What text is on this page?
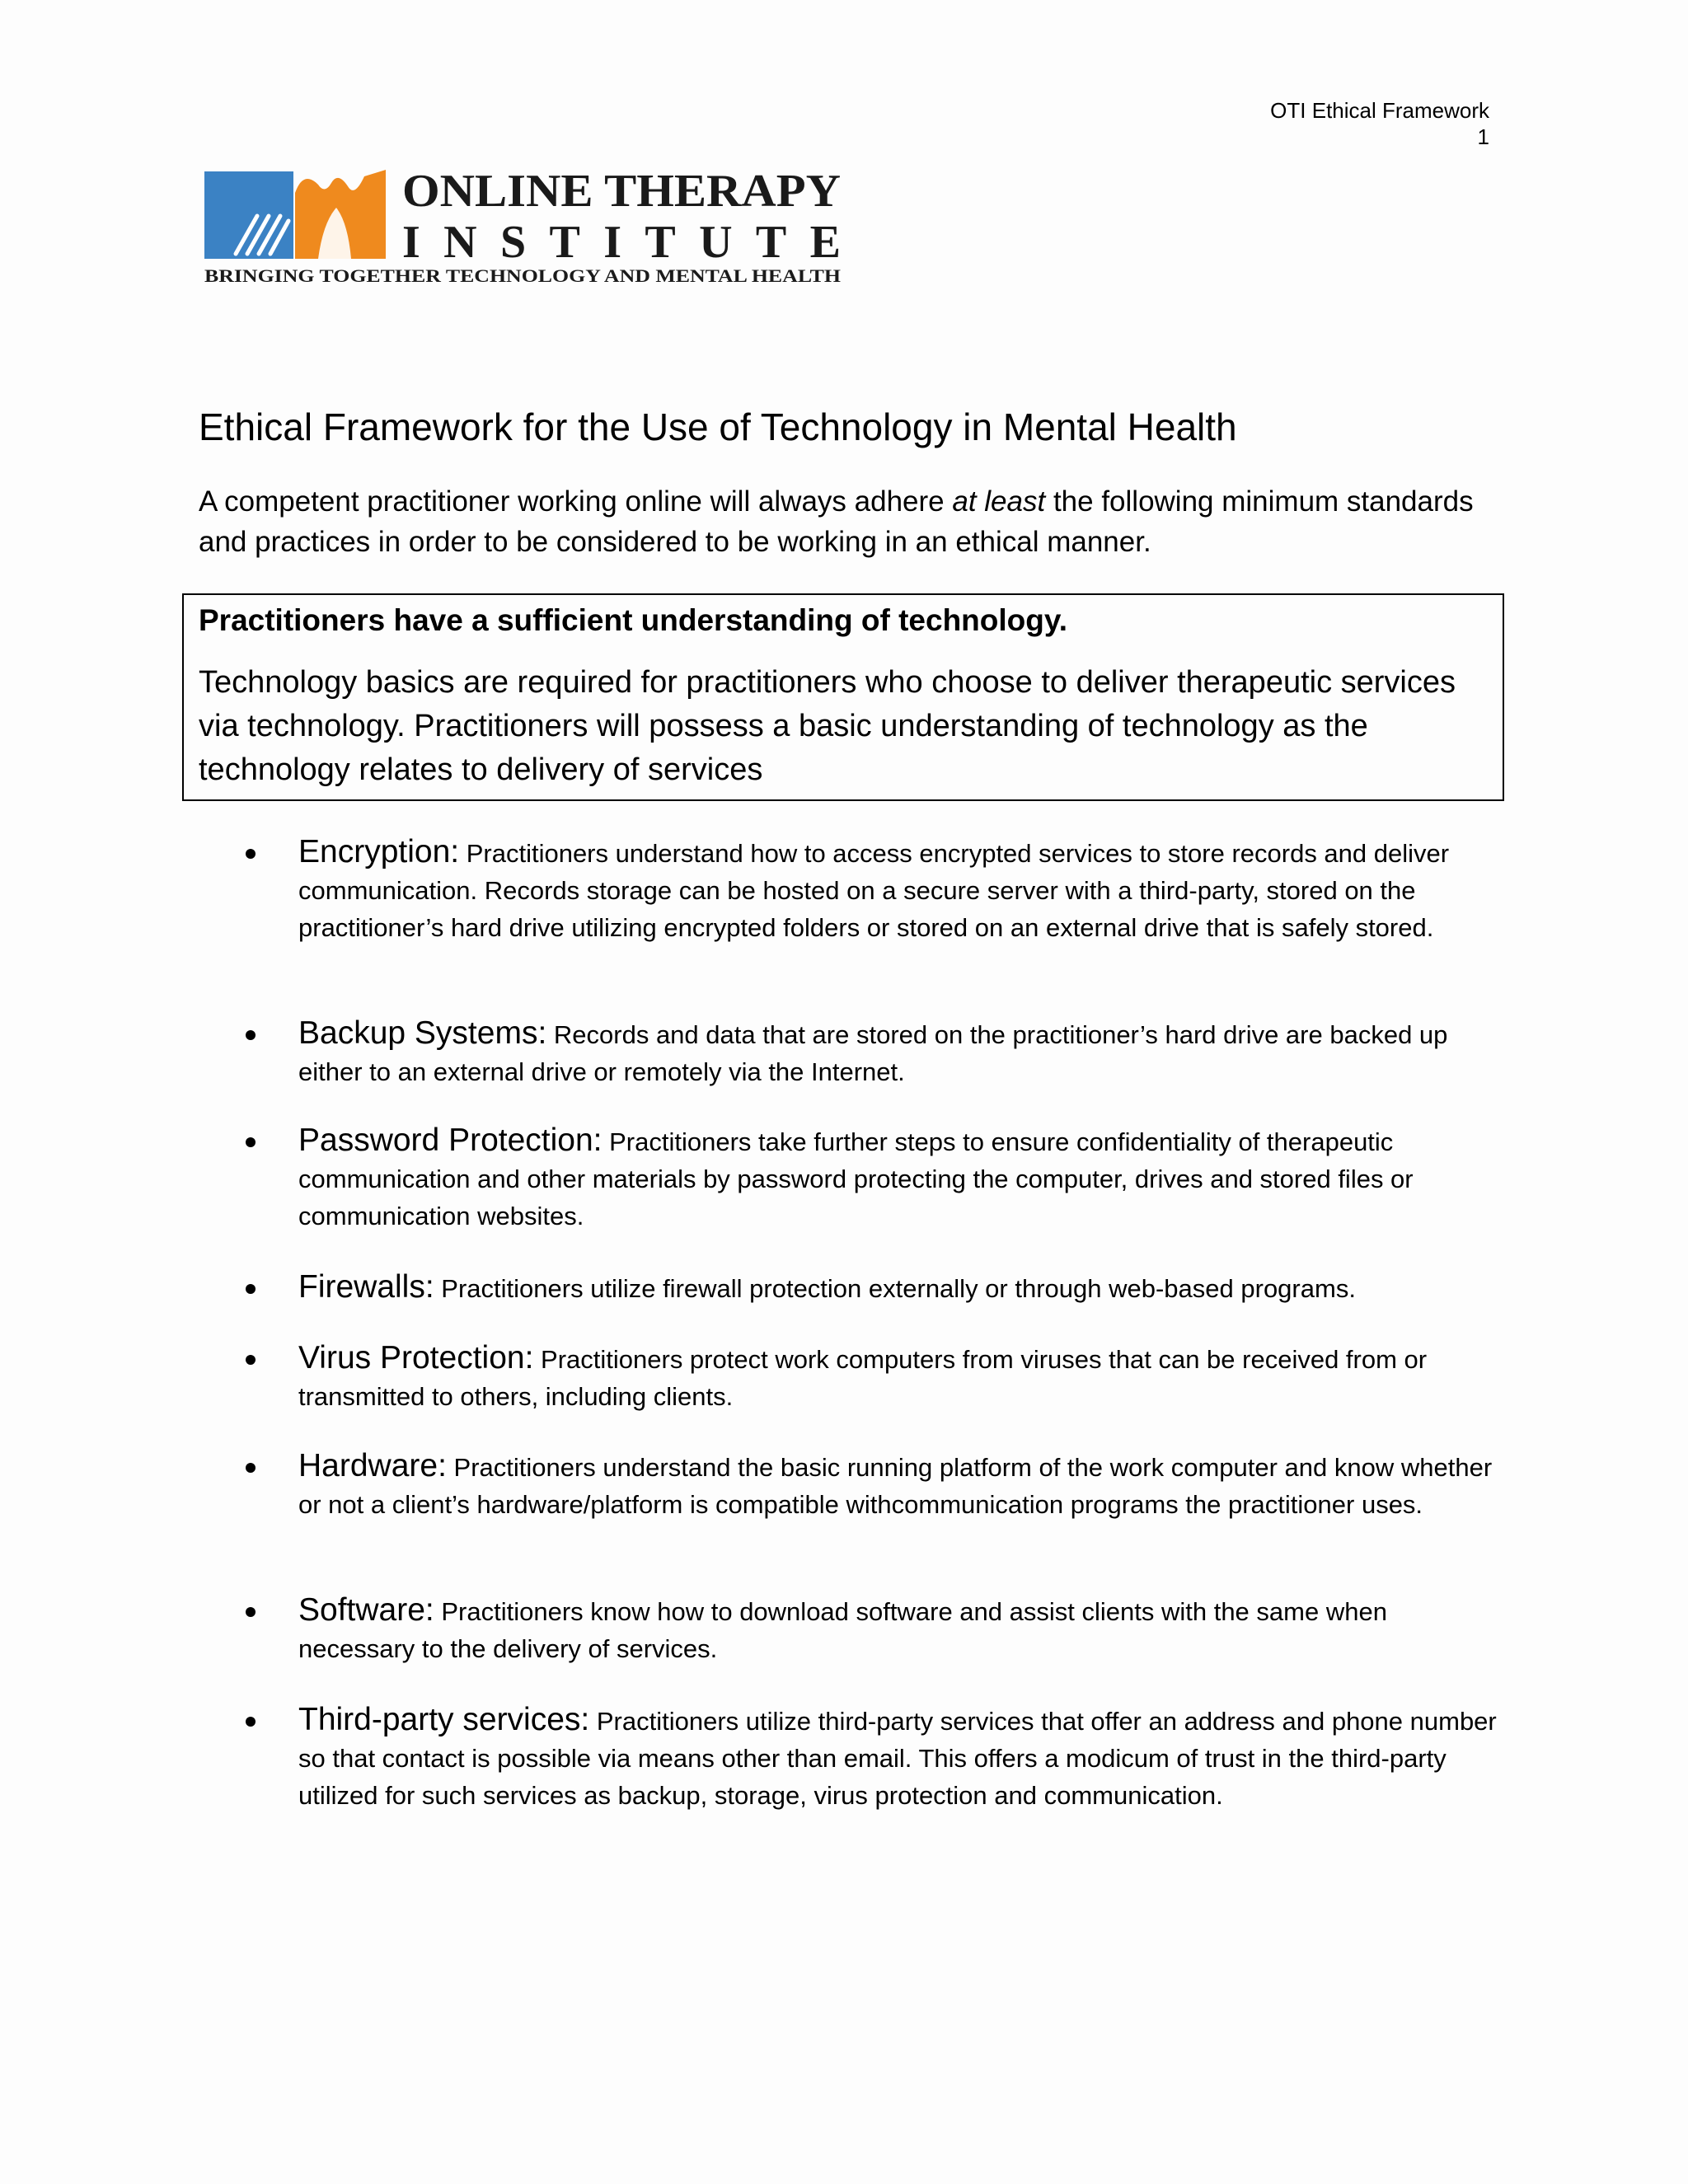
OTI Ethical Framework
1
ONLINE THERAPY
INSTITUTE
BRINGING TOGETHER TECHNOLOGY AND MENTAL HEALTH
Ethical Framework for the Use of Technology in Mental Health

A competent practitioner working online will always adhere at least the following minimum standards and practices in order to be considered to be working in an ethical manner.

Practitioners have a sufficient understanding of technology.

Technology basics are required for practitioners who choose to deliver therapeutic services via technology. Practitioners will possess a basic understanding of technology as the technology relates to delivery of services

Encryption: Practitioners understand how to access encrypted services to store records and deliver communication. Records storage can be hosted on a secure server with a third-party, stored on the practitioner’s hard drive utilizing encrypted folders or stored on an external drive that is safely stored.
Backup Systems: Records and data that are stored on the practitioner’s hard drive are backed up either to an external drive or remotely via the Internet.
Password Protection: Practitioners take further steps to ensure confidentiality of therapeutic communication and other materials by password protecting the computer, drives and stored files or communication websites.
Firewalls: Practitioners utilize firewall protection externally or through web-based programs.
Virus Protection: Practitioners protect work computers from viruses that can be received from or transmitted to others, including clients.
Hardware: Practitioners understand the basic running platform of the work computer and know whether or not a client’s hardware/platform is compatible withcommunication programs the practitioner uses.
Software: Practitioners know how to download software and assist clients with the same when necessary to the delivery of services.
Third-party services: Practitioners utilize third-party services that offer an address and phone number so that contact is possible via means other than email. This offers a modicum of trust in the third-party utilized for such services as backup, storage, virus protection and communication.
